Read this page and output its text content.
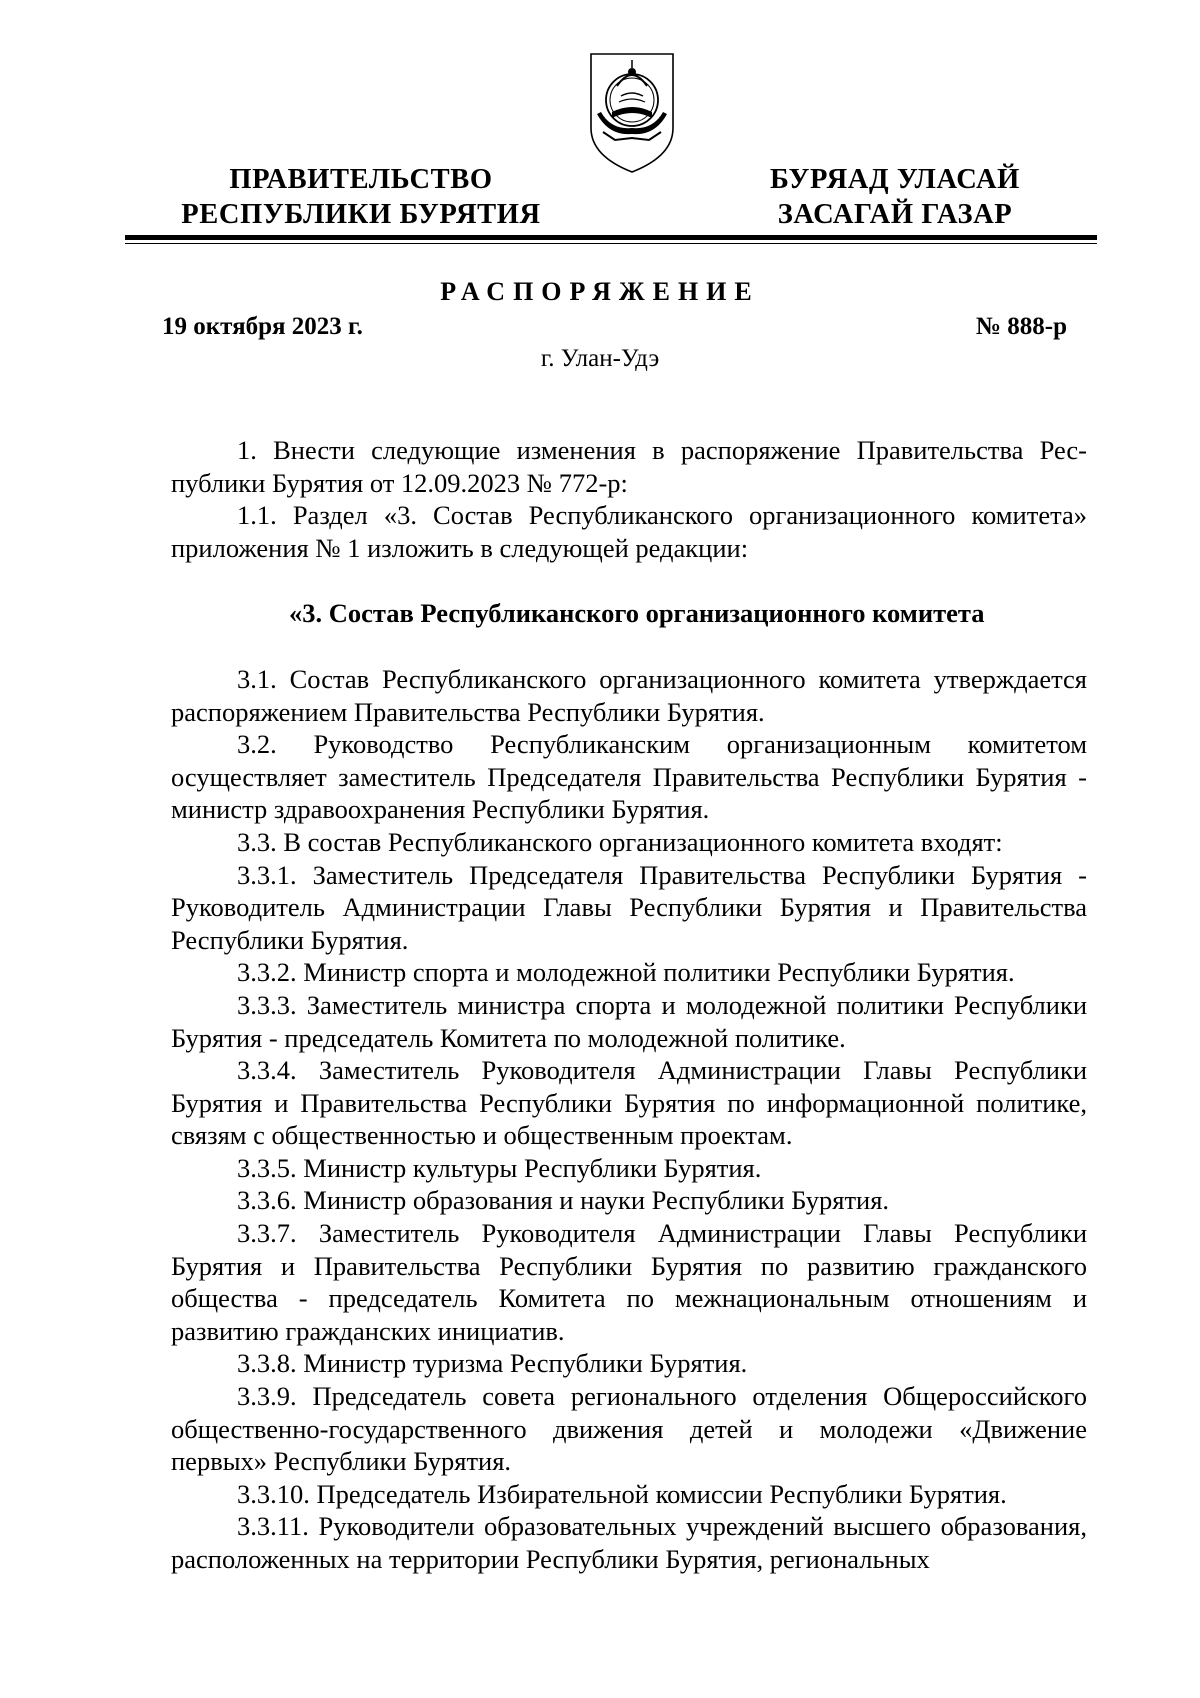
ПРАВИТЕЛЬСТВО
РЕСПУБЛИКИ БУРЯТИЯ
БУРЯАД УЛАСАЙ
ЗАСАГАЙ ГАЗАР
РАСПОРЯЖЕНИЕ
19 октября 2023 г.	№ 888-р
г. Улан-Удэ

1. Внести следующие изменения в распоряжение Правительства Республики Бурятия от 12.09.2023 № 772-р:

1.1. Раздел «3. Состав Республиканского организационного комитета» приложения № 1 изложить в следующей редакции:

«3. Состав Республиканского организационного комитета

3.1. Состав Республиканского организационного комитета утверждается распоряжением Правительства Республики Бурятия.

3.2. Руководство Республиканским организационным комитетом осуществляет заместитель Председателя Правительства Республики Бурятия - министр здравоохранения Республики Бурятия.

3.3. В состав Республиканского организационного комитета входят:

3.3.1. Заместитель Председателя Правительства Республики Бурятия - Руководитель Администрации Главы Республики Бурятия и Правительства Республики Бурятия.

3.3.2. Министр спорта и молодежной политики Республики Бурятия.

3.3.3. Заместитель министра спорта и молодежной политики Республики Бурятия - председатель Комитета по молодежной политике.

3.3.4. Заместитель Руководителя Администрации Главы Республики Бурятия и Правительства Республики Бурятия по информационной политике, связям с общественностью и общественным проектам.

3.3.5. Министр культуры Республики Бурятия.

3.3.6. Министр образования и науки Республики Бурятия.

3.3.7. Заместитель Руководителя Администрации Главы Республики Бурятия и Правительства Республики Бурятия по развитию гражданского общества - председатель Комитета по межнациональным отношениям и развитию гражданских инициатив.

3.3.8. Министр туризма Республики Бурятия.

3.3.9. Председатель совета регионального отделения Общероссийского общественно-государственного движения детей и молодежи «Движение первых» Республики Бурятия.

3.3.10. Председатель Избирательной комиссии Республики Бурятия.

3.3.11. Руководители образовательных учреждений высшего образования, расположенных на территории Республики Бурятия, региональных
